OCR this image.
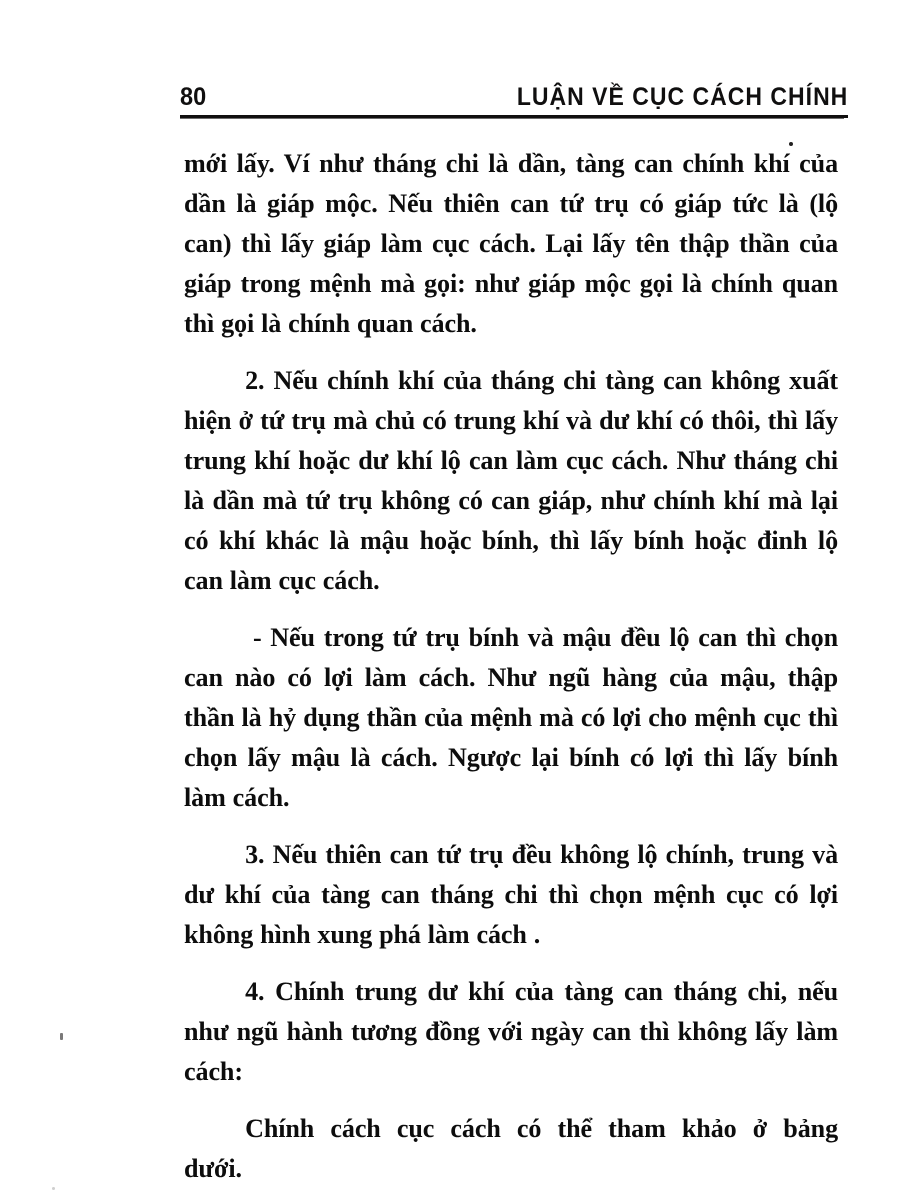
80	LUẬN VỀ CỤC CÁCH CHÍNH

mới lấy. Ví như tháng chi là dần, tàng can chính khí của dần là giáp mộc. Nếu thiên can tứ trụ có giáp tức là (lộ can) thì lấy giáp làm cục cách. Lại lấy tên thập thần của giáp trong mệnh mà gọi: như giáp mộc gọi là chính quan thì gọi là chính quan cách.

2. Nếu chính khí của tháng chi tàng can không xuất hiện ở tứ trụ mà chủ có trung khí và dư khí có thôi, thì lấy trung khí hoặc dư khí lộ can làm cục cách. Như tháng chi là dần mà tứ trụ không có can giáp, như chính khí mà lại có khí khác là mậu hoặc bính, thì lấy bính hoặc đinh lộ can làm cục cách.

- Nếu trong tứ trụ bính và mậu đều lộ can thì chọn can nào có lợi làm cách. Như ngũ hàng của mậu, thập thần là hỷ dụng thần của mệnh mà có lợi cho mệnh cục thì chọn lấy mậu là cách. Ngược lại bính có lợi thì lấy bính làm cách.

3. Nếu thiên can tứ trụ đều không lộ chính, trung và dư khí của tàng can tháng chi thì chọn mệnh cục có lợi không hình xung phá làm cách .

4. Chính trung dư khí của tàng can tháng chi, nếu như ngũ hành tương đồng với ngày can thì không lấy làm cách:

Chính cách cục cách có thể tham khảo ở bảng dưới.
